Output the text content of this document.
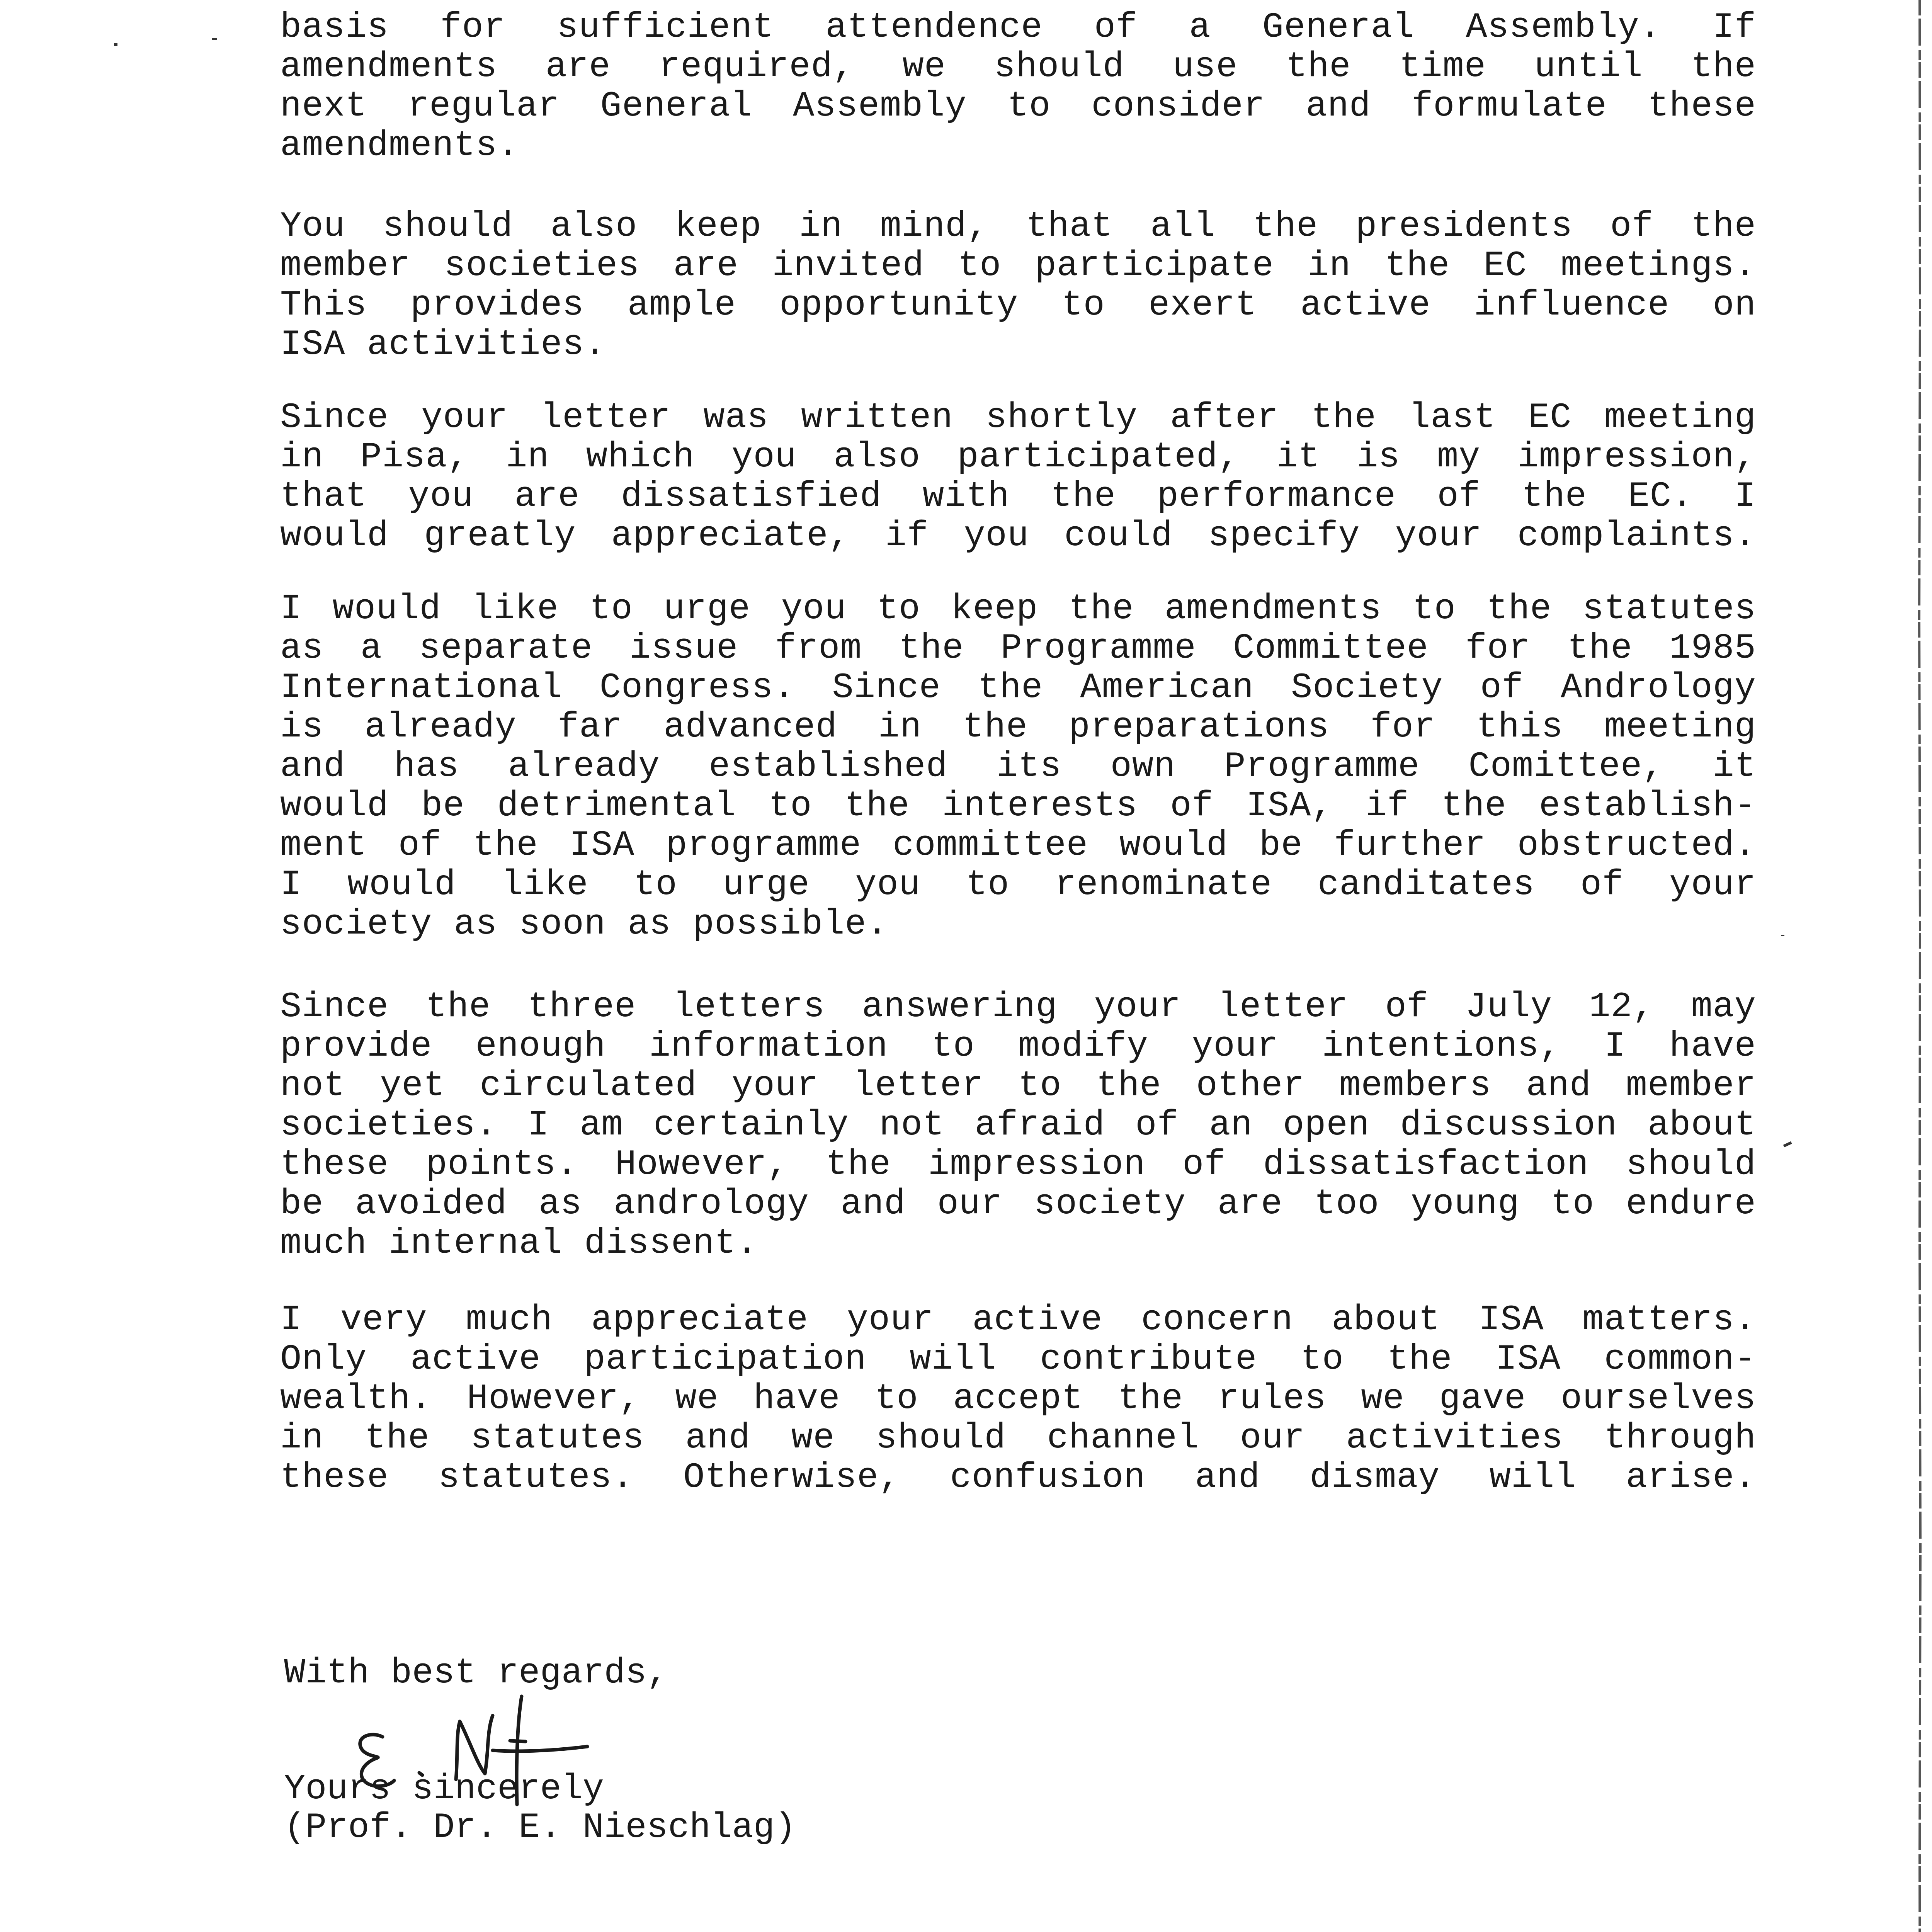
basis for sufficient attendence of a General Assembly. If
amendments are required, we should use the time until the
next regular General Assembly to consider and formulate these
amendments.
You should also keep in mind, that all the presidents of the
member societies are invited to participate in the EC meetings.
This provides ample opportunity to exert active influence on
ISA activities.
Since your letter was written shortly after the last EC meeting
in Pisa, in which you also participated, it is my impression,
that you are dissatisfied with the performance of the EC. I
would greatly appreciate, if you could specify your complaints.
I would like to urge you to keep the amendments to the statutes
as a separate issue from the Programme Committee for the 1985
International Congress. Since the American Society of Andrology
is already far advanced in the preparations for this meeting
and has already established its own Programme Comittee, it
would be detrimental to the interests of ISA, if the establish-
ment of the ISA programme committee would be further obstructed.
I would like to urge you to renominate canditates of your
society as soon as possible.
Since the three letters answering your letter of July 12, may
provide enough information to modify your intentions, I have
not yet circulated your letter to the other members and member
societies. I am certainly not afraid of an open discussion about
these points. However, the impression of dissatisfaction should
be avoided as andrology and our society are too young to endure
much internal dissent.
I very much appreciate your active concern about ISA matters.
Only active participation will contribute to the ISA common-
wealth. However, we have to accept the rules we gave ourselves
in the statutes and we should channel our activities through
these statutes. Otherwise, confusion and dismay will arise.

With best regards,

Yours sincerely

(Prof. Dr. E. Nieschlag)
